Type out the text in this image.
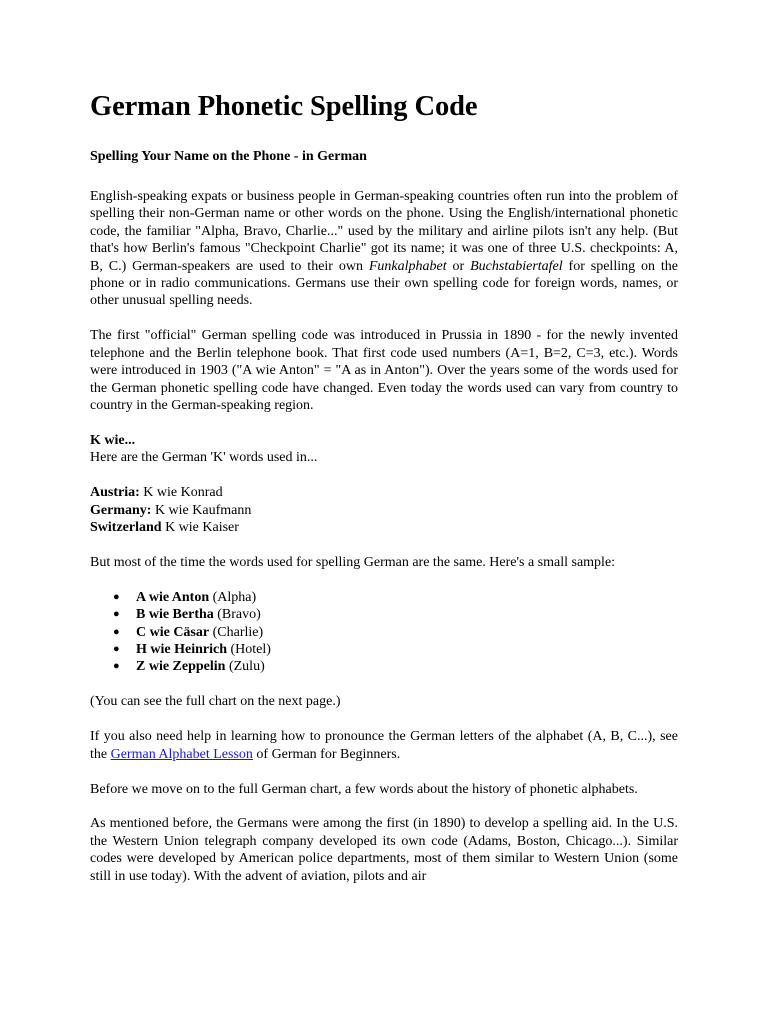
German Phonetic Spelling Code
Spelling Your Name on the Phone - in German

English-speaking expats or business people in German-speaking countries often run into the problem of spelling their non-German name or other words on the phone. Using the English/international phonetic code, the familiar "Alpha, Bravo, Charlie..." used by the military and airline pilots isn't any help. (But that's how Berlin's famous "Checkpoint Charlie" got its name; it was one of three U.S. checkpoints: A, B, C.) German-speakers are used to their own Funkalphabet or Buchstabiertafel for spelling on the phone or in radio communications. Germans use their own spelling code for foreign words, names, or other unusual spelling needs.

The first "official" German spelling code was introduced in Prussia in 1890 - for the newly invented telephone and the Berlin telephone book. That first code used numbers (A=1, B=2, C=3, etc.). Words were introduced in 1903 ("A wie Anton" = "A as in Anton"). Over the years some of the words used for the German phonetic spelling code have changed. Even today the words used can vary from country to country in the German-speaking region.

K wie...
Here are the German 'K' words used in...
Austria: K wie Konrad
Germany: K wie Kaufmann
Switzerland K wie Kaiser

But most of the time the words used for spelling German are the same. Here's a small sample:

● A wie Anton (Alpha)
● B wie Bertha (Bravo)
● C wie Cäsar (Charlie)
● H wie Heinrich (Hotel)
● Z wie Zeppelin (Zulu)

(You can see the full chart on the next page.)

If you also need help in learning how to pronounce the German letters of the alphabet (A, B, C...), see the German Alphabet Lesson of German for Beginners.

Before we move on to the full German chart, a few words about the history of phonetic alphabets.

As mentioned before, the Germans were among the first (in 1890) to develop a spelling aid. In the U.S. the Western Union telegraph company developed its own code (Adams, Boston, Chicago...). Similar codes were developed by American police departments, most of them similar to Western Union (some still in use today). With the advent of aviation, pilots and air
